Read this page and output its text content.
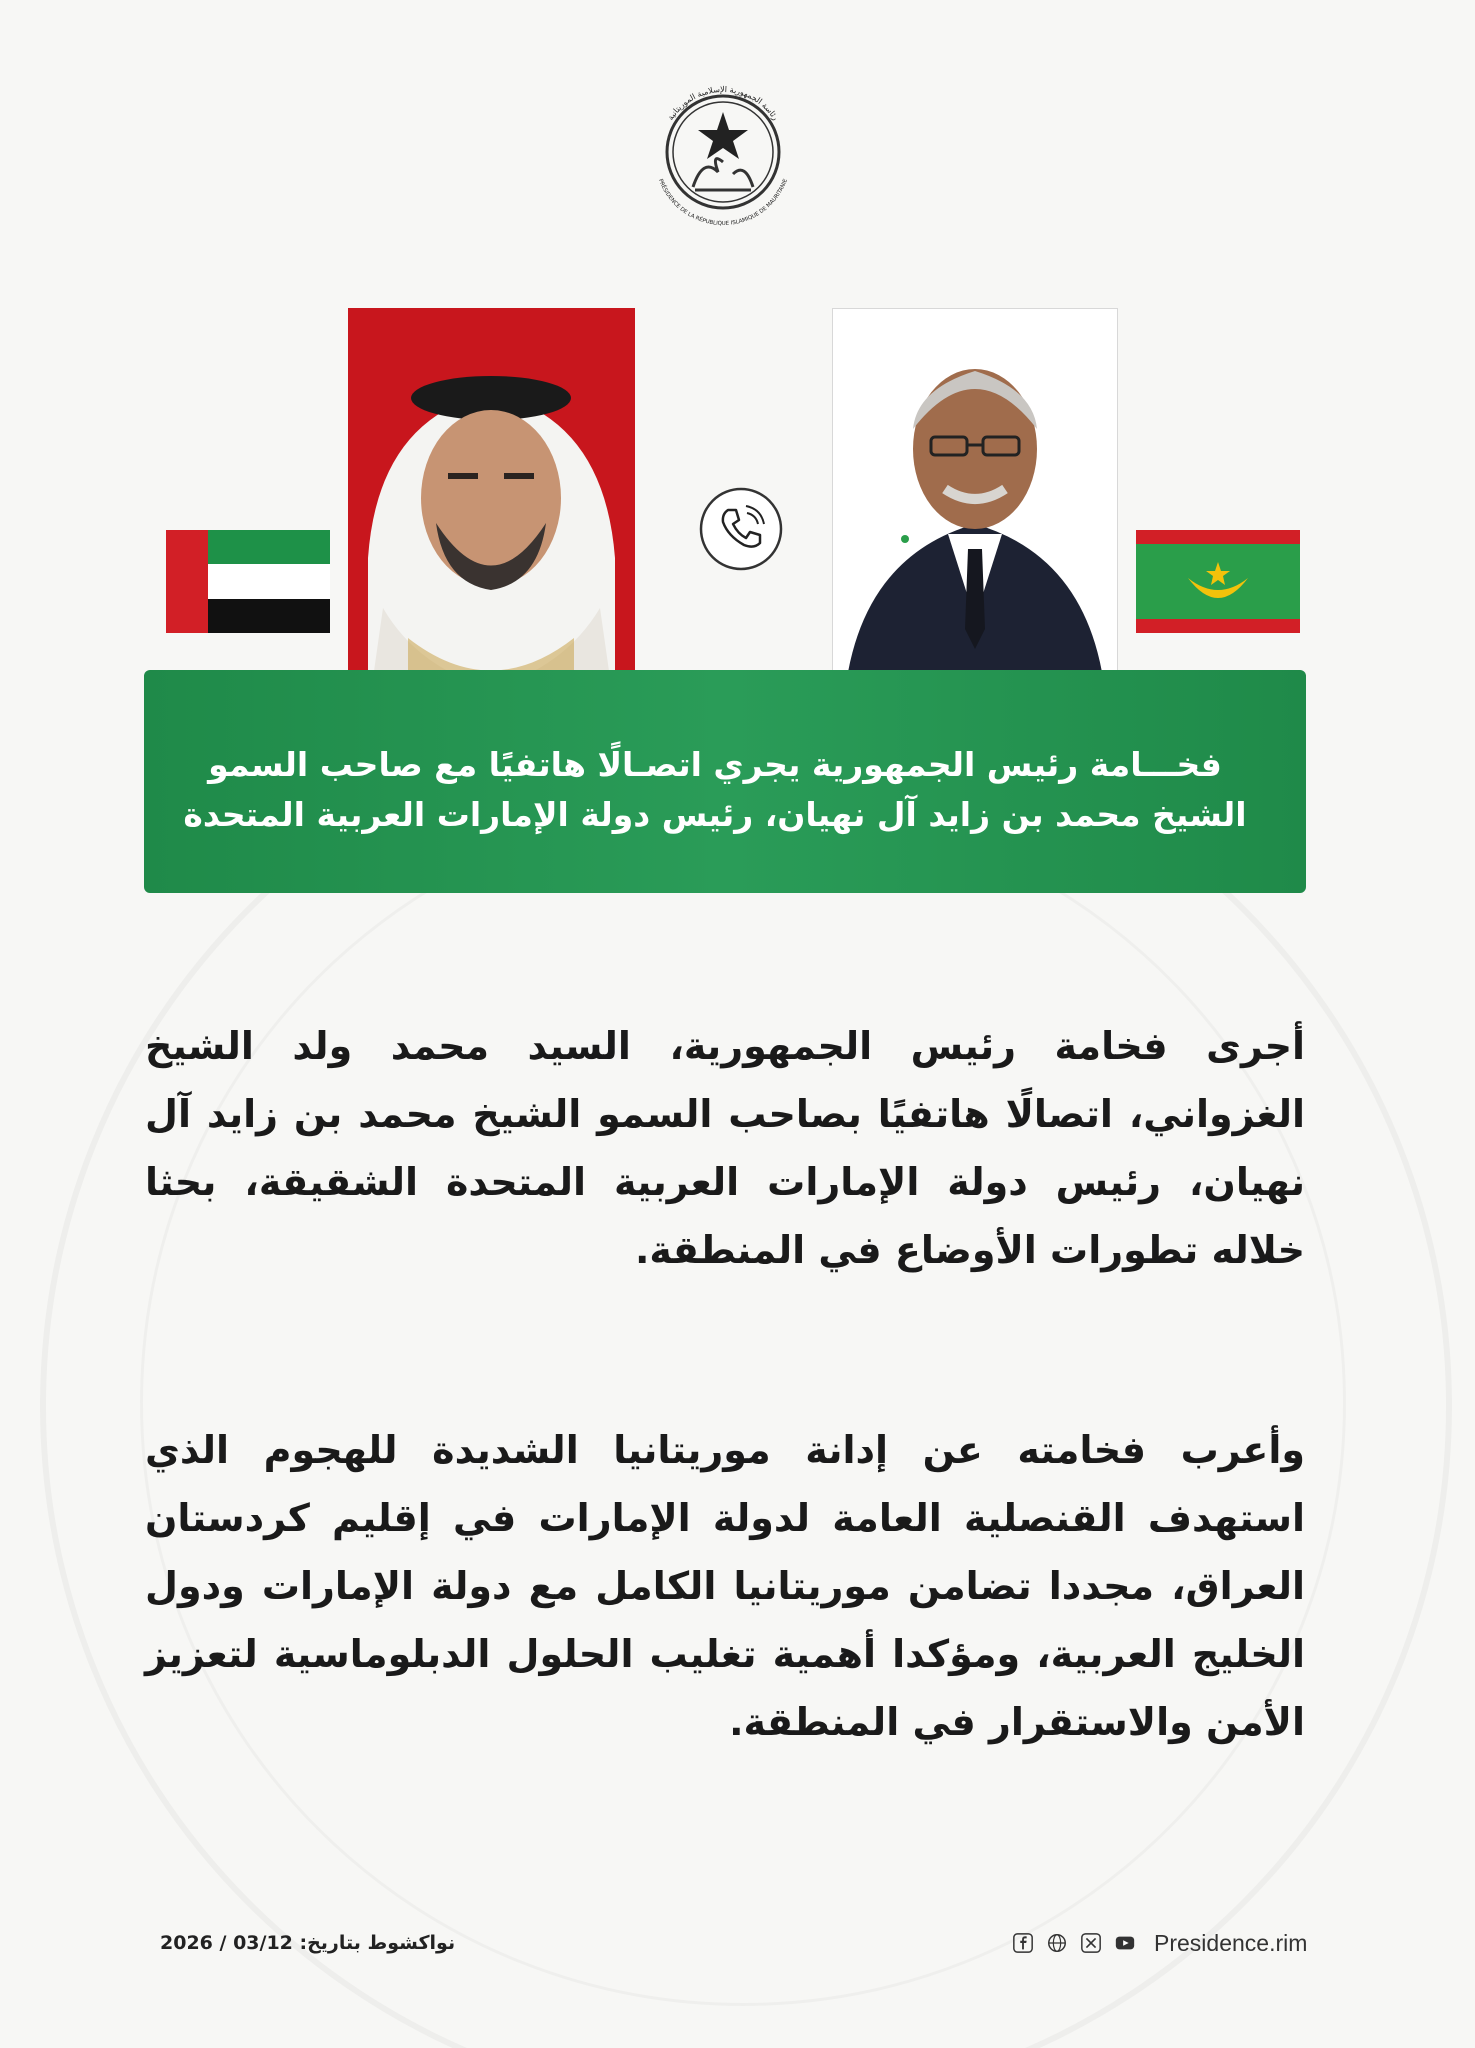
رئاسة الجمهورية الإسلامية الموريتانية
PRÉSIDENCE DE LA RÉPUBLIQUE ISLAMIQUE DE MAURITANIE
فخـــامة رئيس الجمهورية يجري اتصـالًا هاتفيًا مع صاحب السمو
الشيخ محمد بن زايد آل نهيان، رئيس دولة الإمارات العربية المتحدة
أجرى فخامة رئيس الجمهورية، السيد محمد ولد الشيخ الغزواني، اتصالًا هاتفيًا بصاحب السمو الشيخ محمد بن زايد آل نهيان، رئيس دولة الإمارات العربية المتحدة الشقيقة، بحثا خلاله تطورات الأوضاع في المنطقة.
وأعرب فخامته عن إدانة موريتانيا الشديدة للهجوم الذي استهدف القنصلية العامة لدولة الإمارات في إقليم كردستان العراق، مجددا تضامن موريتانيا الكامل مع دولة الإمارات ودول الخليج العربية، ومؤكدا أهمية تغليب الحلول الدبلوماسية لتعزيز الأمن والاستقرار في المنطقة.
نواكشوط بتاريخ: 03/12 / 2026	Presidence.rim
